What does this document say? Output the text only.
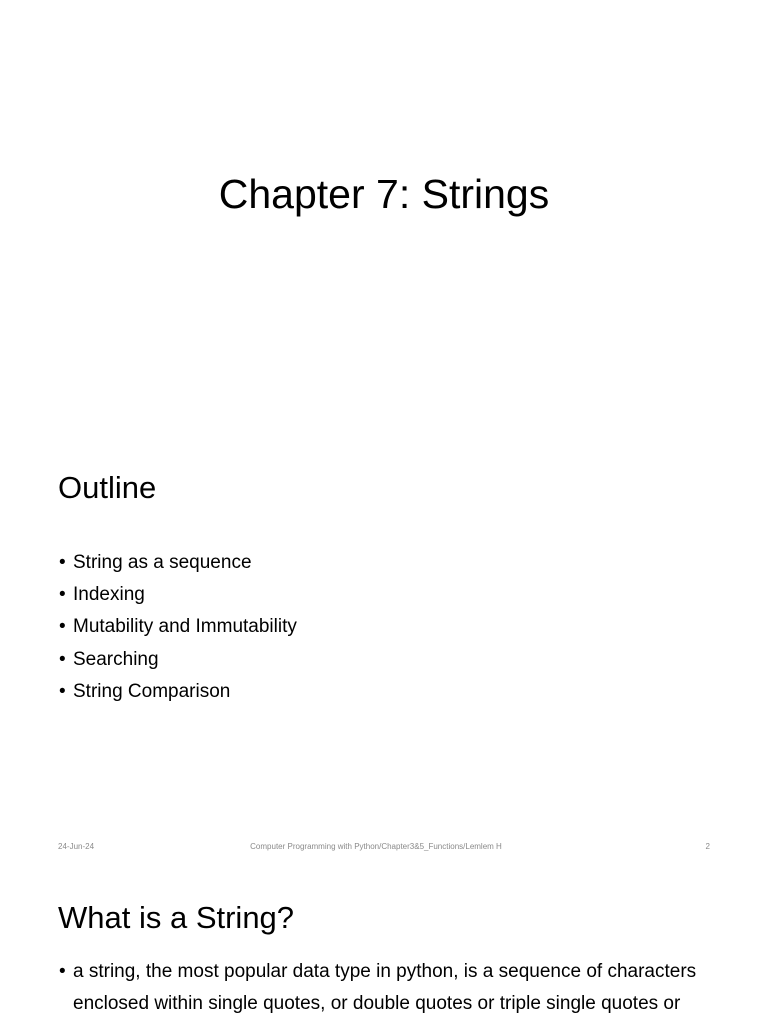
Chapter 7: Strings
Outline
• String as a sequence
• Indexing
• Mutability and Immutability
• Searching
• String Comparison
24-Jun-24	Computer Programming with Python/Chapter3&5_Functions/Lemlem H	2
What is a String?

• a string, the most popular data type in python, is a sequence of characters enclosed within single quotes, or double quotes or triple single quotes or
